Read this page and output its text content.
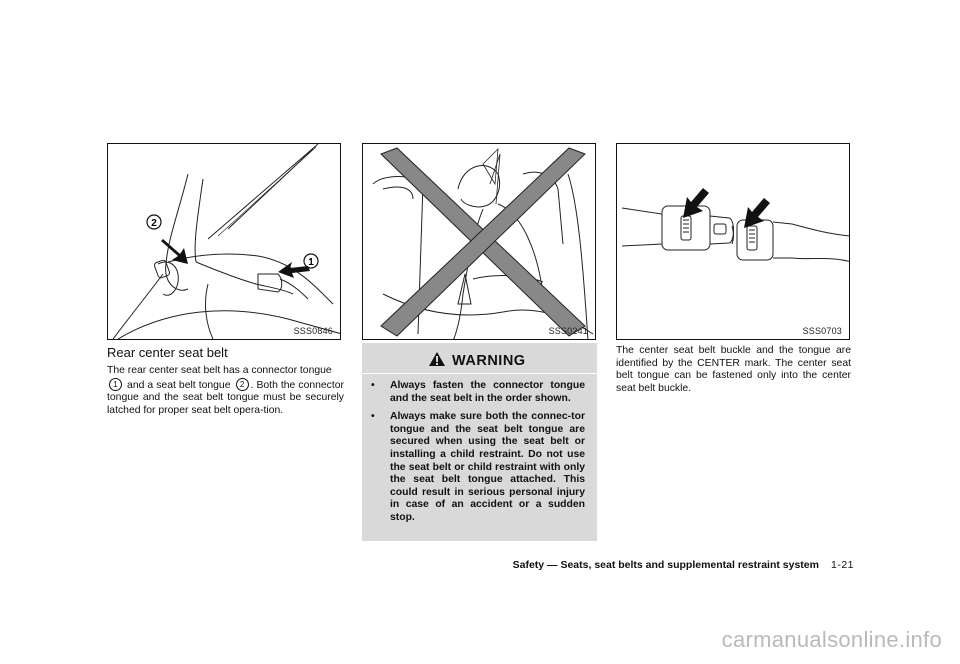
2
1
SSS0846	SSS0241	SSS0703
Rear center seat belt
The rear center seat belt has a connector tongue
1 and a seat belt tongue 2 . Both the connector tongue and the seat belt tongue must be securely latched for proper seat belt opera-tion.
WARNING
• Always fasten the connector tongue and the seat belt in the order shown.
• Always make sure both the connec-tor tongue and the seat belt tongue are secured when using the seat belt or installing a child restraint. Do not use the seat belt or child restraint with only the seat belt tongue attached. This could result in serious personal injury in case of an accident or a sudden stop.
The center seat belt buckle and the tongue are identified by the CENTER mark. The center seat belt tongue can be fastened only into the center seat belt buckle.
Safety — Seats, seat belts and supplemental restraint system 1-21
carmanualsonline.info
